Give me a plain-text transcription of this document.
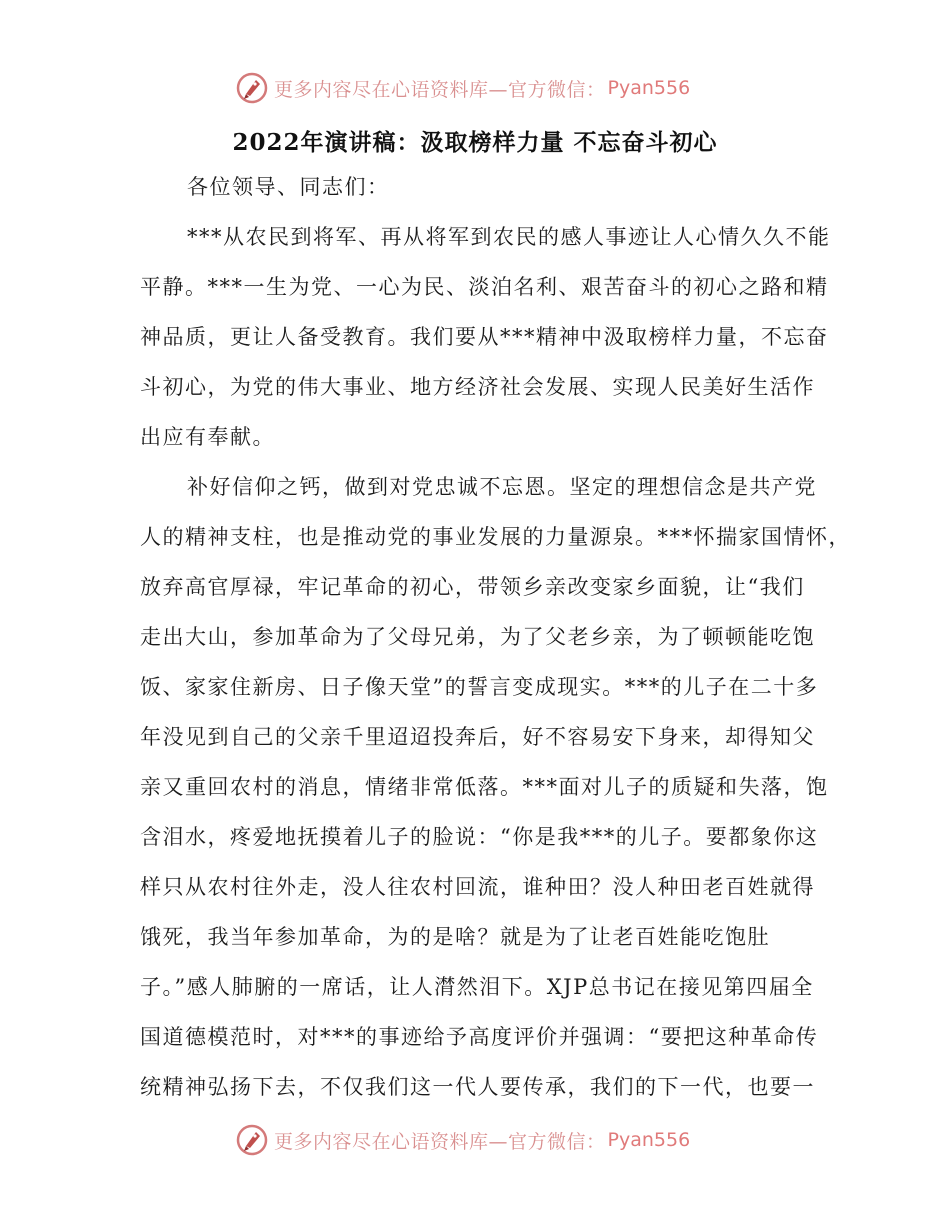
更多内容尽在心语资料库—官方微信： Pyan556
2022年演讲稿：汲取榜样力量 不忘奋斗初心
各位领导、同志们：
***从农民到将军、再从将军到农民的感人事迹让人心情久久不能
平静。***一生为党、一心为民、淡泊名利、艰苦奋斗的初心之路和精
神品质，更让人备受教育。我们要从***精神中汲取榜样力量，不忘奋
斗初心，为党的伟大事业、地方经济社会发展、实现人民美好生活作
出应有奉献。
补好信仰之钙，做到对党忠诚不忘恩。坚定的理想信念是共产党
人的精神支柱，也是推动党的事业发展的力量源泉。***怀揣家国情怀，
放弃高官厚禄，牢记革命的初心，带领乡亲改变家乡面貌，让“我们
走出大山，参加革命为了父母兄弟，为了父老乡亲，为了顿顿能吃饱
饭、家家住新房、日子像天堂”的誓言变成现实。***的儿子在二十多
年没见到自己的父亲千里迢迢投奔后，好不容易安下身来，却得知父
亲又重回农村的消息，情绪非常低落。***面对儿子的质疑和失落，饱
含泪水，疼爱地抚摸着儿子的脸说：“你是我***的儿子。要都象你这
样只从农村往外走，没人往农村回流，谁种田？没人种田老百姓就得
饿死，我当年参加革命，为的是啥？就是为了让老百姓能吃饱肚
子。”感人肺腑的一席话，让人潸然泪下。XJP总书记在接见第四届全
国道德模范时，对***的事迹给予高度评价并强调：“要把这种革命传
统精神弘扬下去，不仅我们这一代人要传承，我们的下一代，也要一
更多内容尽在心语资料库—官方微信： Pyan556
